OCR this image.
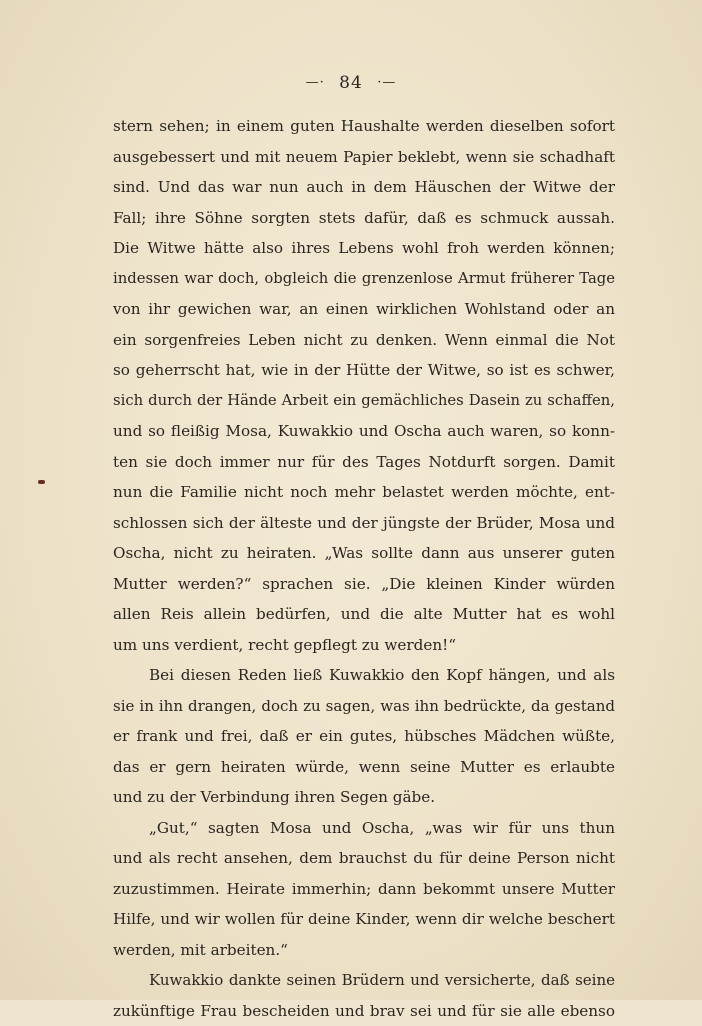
—· 84 ·—
stern sehen; in einem guten Haushalte werden dieselben sofort
ausgebessert und mit neuem Papier beklebt, wenn sie schadhaft
sind. Und das war nun auch in dem Häuschen der Witwe der
Fall; ihre Söhne sorgten stets dafür, daß es schmuck aussah.
Die Witwe hätte also ihres Lebens wohl froh werden können;
indessen war doch, obgleich die grenzenlose Armut früherer Tage
von ihr gewichen war, an einen wirklichen Wohlstand oder an
ein sorgenfreies Leben nicht zu denken. Wenn einmal die Not
so geherrscht hat, wie in der Hütte der Witwe, so ist es schwer,
sich durch der Hände Arbeit ein gemächliches Dasein zu schaffen,
und so fleißig Mosa, Kuwakkio und Oscha auch waren, so konn-
ten sie doch immer nur für des Tages Notdurft sorgen. Damit
nun die Familie nicht noch mehr belastet werden möchte, ent-
schlossen sich der älteste und der jüngste der Brüder, Mosa und
Oscha, nicht zu heiraten. „Was sollte dann aus unserer guten
Mutter werden?“ sprachen sie. „Die kleinen Kinder würden
allen Reis allein bedürfen, und die alte Mutter hat es wohl
um uns verdient, recht gepflegt zu werden!“
Bei diesen Reden ließ Kuwakkio den Kopf hängen, und als
sie in ihn drangen, doch zu sagen, was ihn bedrückte, da gestand
er frank und frei, daß er ein gutes, hübsches Mädchen wüßte,
das er gern heiraten würde, wenn seine Mutter es erlaubte
und zu der Verbindung ihren Segen gäbe.
„Gut,“ sagten Mosa und Oscha, „was wir für uns thun
und als recht ansehen, dem brauchst du für deine Person nicht
zuzustimmen. Heirate immerhin; dann bekommt unsere Mutter
Hilfe, und wir wollen für deine Kinder, wenn dir welche beschert
werden, mit arbeiten.“
Kuwakkio dankte seinen Brüdern und versicherte, daß seine
zukünftige Frau bescheiden und brav sei und für sie alle ebenso
